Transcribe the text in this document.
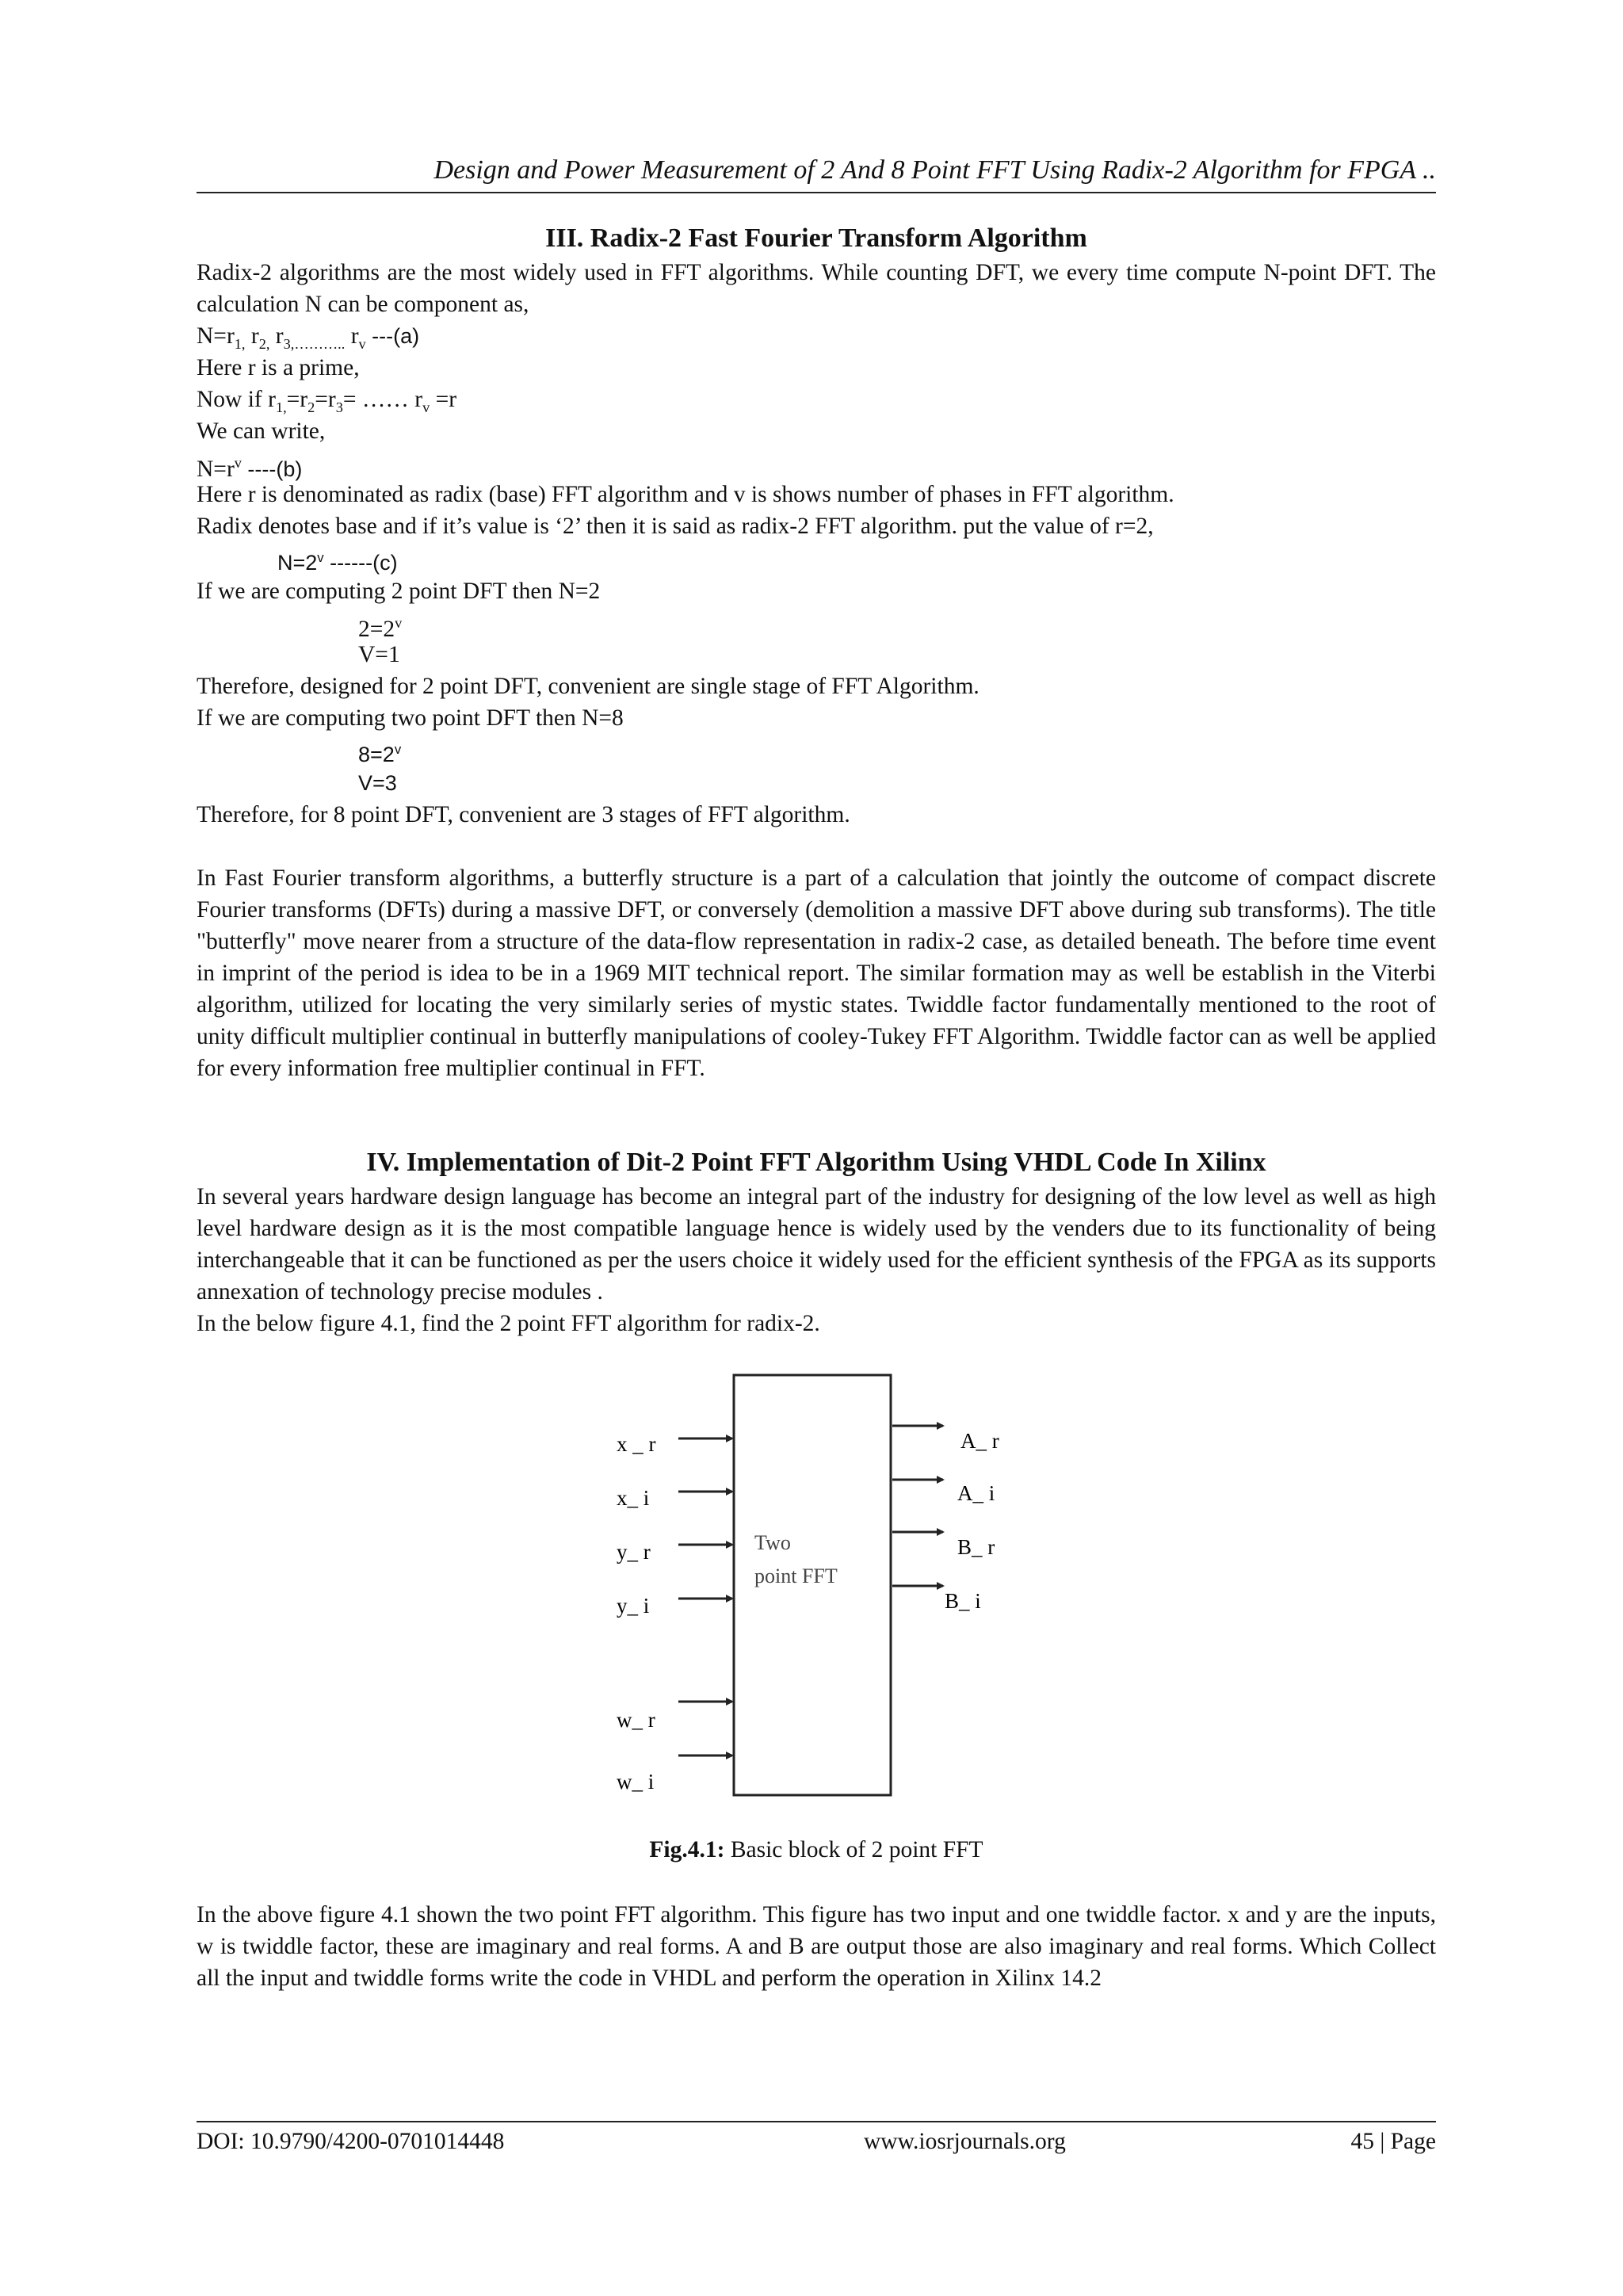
Design and Power Measurement of 2 And 8 Point FFT Using Radix-2 Algorithm for FPGA ..
III. Radix-2 Fast Fourier Transform Algorithm

Radix-2 algorithms are the most widely used in FFT algorithms. While counting DFT, we every time compute N-point DFT. The calculation N can be component as,

$N=r_{1,}$ $r_{2,}$ $r_{3,\dots\dots\dots..}$ $r_v$ ---(a)
Here r is a prime,
Now if $r_{1,}=r_2=r_3=$ …… $r_v =r$
We can write,
$N=r^v$ ----(b)
Here r is denominated as radix (base) FFT algorithm and v is shows number of phases in FFT algorithm.
Radix denotes base and if it’s value is ‘2’ then it is said as radix-2 FFT algorithm. put the value of r=2,
$N=2^v$ ------(c)
If we are computing 2 point DFT then N=2
$2=2^v$
V=1
Therefore, designed for 2 point DFT, convenient are single stage of FFT Algorithm.
If we are computing two point DFT then N=8
$8=2^v$
V=3
Therefore, for 8 point DFT, convenient are 3 stages of FFT algorithm.

In Fast Fourier transform algorithms, a butterfly structure is a part of a calculation that jointly the outcome of compact discrete Fourier transforms (DFTs) during a massive DFT, or conversely (demolition a massive DFT above during sub transforms). The title "butterfly" move nearer from a structure of the data-flow representation in radix-2 case, as detailed beneath. The before time event in imprint of the period is idea to be in a 1969 MIT technical report. The similar formation may as well be establish in the Viterbi algorithm, utilized for locating the very similarly series of mystic states. Twiddle factor fundamentally mentioned to the root of unity difficult multiplier continual in butterfly manipulations of cooley-Tukey FFT Algorithm. Twiddle factor can as well be applied for every information free multiplier continual in FFT.

IV. Implementation of Dit-2 Point FFT Algorithm Using VHDL Code In Xilinx

In several years hardware design language has become an integral part of the industry for designing of the low level as well as high level hardware design as it is the most compatible language hence is widely used by the venders due to its functionality of being interchangeable that it can be functioned as per the users choice it widely used for the efficient synthesis of the FPGA as its supports annexation of technology precise modules .

In the below figure 4.1, find the 2 point FFT algorithm for radix-2.
Two
point FFT
x _ r
x_ i
y_ r
y_ i
w_ r
w_ i
A_ r
A_ i
B_ r
B_ i
Fig.4.1: Basic block of 2 point FFT

In the above figure 4.1 shown the two point FFT algorithm. This figure has two input and one twiddle factor. x and y are the inputs, w is twiddle factor, these are imaginary and real forms. A and B are output those are also imaginary and real forms. Which Collect all the input and twiddle forms write the code in VHDL and perform the operation in Xilinx 14.2

DOI: 10.9790/4200-0701014448	www.iosrjournals.org	45 | Page
